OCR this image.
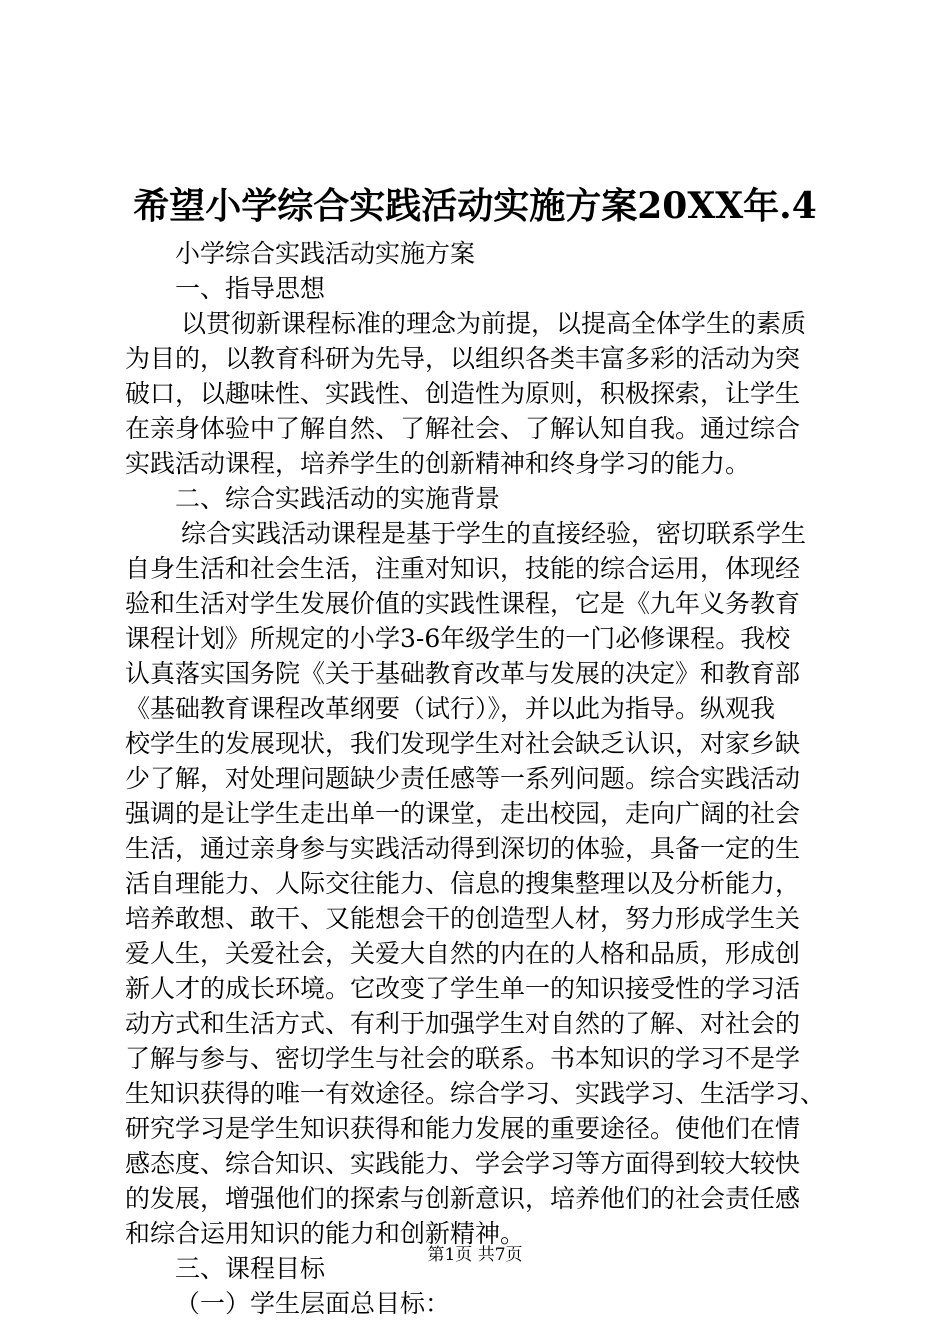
希望小学综合实践活动实施方案20XX年.4
小学综合实践活动实施方案
一、指导思想
以贯彻新课程标准的理念为前提，以提高全体学生的素质
为目的，以教育科研为先导，以组织各类丰富多彩的活动为突
破口，以趣味性、实践性、创造性为原则，积极探索，让学生
在亲身体验中了解自然、了解社会、了解认知自我。通过综合
实践活动课程，培养学生的创新精神和终身学习的能力。
二、综合实践活动的实施背景
综合实践活动课程是基于学生的直接经验，密切联系学生
自身生活和社会生活，注重对知识，技能的综合运用，体现经
验和生活对学生发展价值的实践性课程，它是《九年义务教育
课程计划》所规定的小学3-6年级学生的一门必修课程。我校
认真落实国务院《关于基础教育改革与发展的决定》和教育部
《基础教育课程改革纲要（试行）》，并以此为指导。纵观我
校学生的发展现状，我们发现学生对社会缺乏认识，对家乡缺
少了解，对处理问题缺少责任感等一系列问题。综合实践活动
强调的是让学生走出单一的课堂，走出校园，走向广阔的社会
生活，通过亲身参与实践活动得到深切的体验，具备一定的生
活自理能力、人际交往能力、信息的搜集整理以及分析能力，
培养敢想、敢干、又能想会干的创造型人材，努力形成学生关
爱人生，关爱社会，关爱大自然的内在的人格和品质，形成创
新人才的成长环境。它改变了学生单一的知识接受性的学习活
动方式和生活方式、有利于加强学生对自然的了解、对社会的
了解与参与、密切学生与社会的联系。书本知识的学习不是学
生知识获得的唯一有效途径。综合学习、实践学习、生活学习、
研究学习是学生知识获得和能力发展的重要途径。使他们在情
感态度、综合知识、实践能力、学会学习等方面得到较大较快
的发展，增强他们的探索与创新意识，培养他们的社会责任感
和综合运用知识的能力和创新精神。
三、课程目标
（一）学生层面总目标：
第1页 共7页
